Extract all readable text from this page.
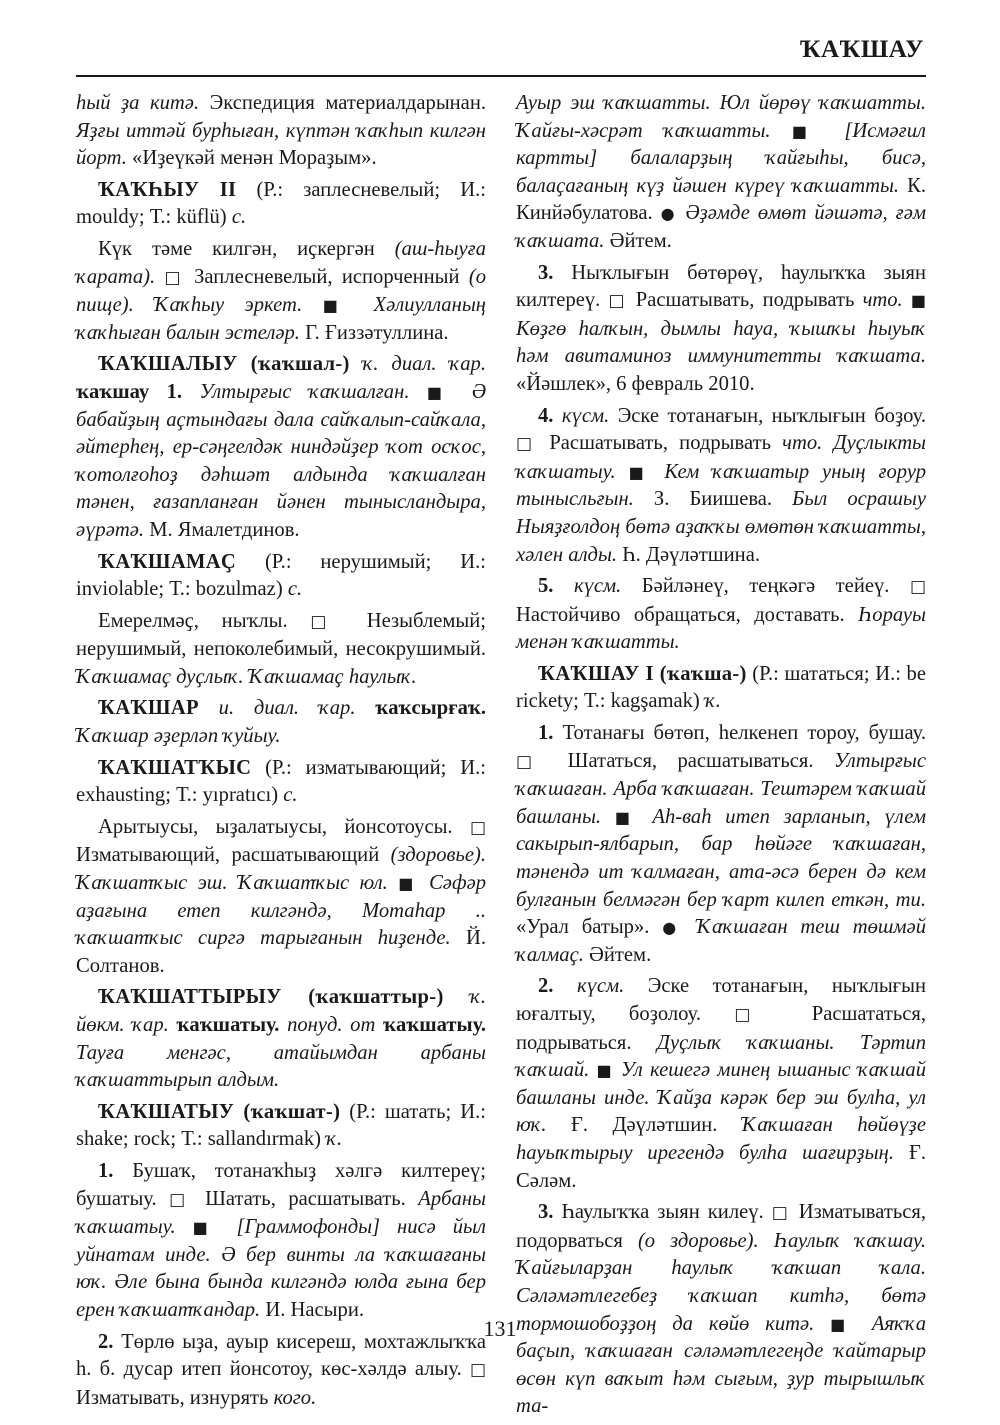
ҠАҠШАУ

һый ҙа китә. Экспедиция материалдарынан. Яҙғы иттәй бурһыған, күптән ҡаҡһып килгән йорт. «Иҙеүкәй менән Мораҙым».

ҠАҠҺЫУ II (Р.: заплесневелый; И.: mouldy; Т.: küflü) с.

Күк тәме килгән, иҫкергән (аш-һыуға ҡарата). □ Заплесневелый, испорченный (о пище). Ҡаҡһыу эркет. ■ Хәлиулланың ҡаҡһыған балын эстеләр. Г. Ғиззәтуллина.

ҠАҠШАЛЫУ (ҡаҡшал-) ҡ. диал. ҡар. ҡаҡшау 1. Ултырғыс ҡаҡшалған. ■ Ә бабайҙың аҫтындағы дала сайҡалып-сайҡала, әйтерһең, ер-сәңгелдәк ниндәйҙер ҡот осҡос, ҡотолғоһоҙ дәһшәт алдында ҡаҡшалған тәнен, ғазапланған йәнен тынысландыра, әүрәтә. М. Ямалетдинов.

ҠАҠШАМАҪ (Р.: нерушимый; И.: inviolable; Т.: bozulmaz) с.

Емерелмәҫ, ныҡлы. □ Незыблемый; нерушимый, непоколебимый, несокрушимый. Ҡаҡшамаҫ дуҫлыҡ. Ҡаҡшамаҫ һаулыҡ.

ҠАҠШАР и. диал. ҡар. ҡаҡсырғаҡ. Ҡаҡшар әҙерләп ҡуйыу.

ҠАҠШАТҠЫС (Р.: изматывающий; И.: exhausting; Т.: yıpratıcı) с.

Арытыусы, ыҙалатыусы, йонсотоусы. □ Изматывающий, расшатывающий (здоровье). Ҡаҡшатҡыс эш. Ҡаҡшатҡыс юл. ■ Сәфәр аҙағына етеп килгәндә, Мотаһар .. ҡаҡшатҡыс сиргә тарығанын һиҙенде. Й. Солтанов.

ҠАҠШАТТЫРЫУ (ҡаҡшаттыр-) ҡ. йөкм. ҡар. ҡаҡшатыу. понуд. от ҡаҡшатыу. Тауға менгәс, атайымдан арбаны ҡаҡшаттырып алдым.

ҠАҠШАТЫУ (ҡаҡшат-) (Р.: шатать; И.: shake; rock; Т.: sallandırmak) ҡ.

1. Бушаҡ, тотанаҡһыҙ хәлгә килтереү; бушатыу. □ Шатать, расшатывать. Арбаны ҡаҡшатыу. ■ [Граммофонды] нисә йыл уйнатам инде. Ә бер винты ла ҡаҡшағаны юҡ. Әле бына бында килгәндә юлда ғына бер ерен ҡаҡшатҡандар. И. Насыри.

2. Төрлө ыҙа, ауыр кисереш, мохтажлыҡҡа һ. б. дусар итеп йонсотоу, көс-хәлдә алыу. □ Изматывать, изнурять кого.

Ауыр эш ҡаҡшатты. Юл йөрөү ҡаҡшатты. Ҡайғы-хәсрәт ҡаҡшатты. ■ [Исмәғил картты] балаларҙың ҡайғыһы, бисә, балаҫағаның күҙ йәшен күреү ҡаҡшатты. К. Кинйәбулатова. ● Әҙәмде өмөт йәшәтә, ғәм ҡаҡшата. Әйтем.

3. Ныҡлығын бөтөрөү, һаулыҡҡа зыян килтереү. □ Расшатывать, подрывать что. ■ Көҙгө һалҡын, дымлы һауа, ҡышҡы һыуыҡ һәм авитаминоз иммунитетты ҡаҡшата. «Йәшлек», 6 февраль 2010.

4. күсм. Эске тотанағын, ныҡлығын боҙоу. □ Расшатывать, подрывать что. Дуҫлыкты ҡаҡшатыу. ■ Кем ҡаҡшатыр уның ғорур тынысльғын. З. Биишева. Был осрашыу Ныяҙғолдоң бөтә аҙаҡҡы өмөтөн ҡаҡшатты, хәлен алды. Һ. Дәүләтшина.

5. күсм. Бәйләнеү, теңкәгә тейеү. □ Настойчиво обращаться, доставать. Һорауы менән ҡаҡшатты.

ҠАҠШАУ I (ҡаҡша-) (Р.: шататься; И.: be rickety; Т.: kagşamak) ҡ.

1. Тотанағы бөтөп, һелкенеп тороу, бушау. □ Шататься, расшатываться. Ултырғыс ҡаҡшаған. Арба ҡаҡшаған. Тештәрем ҡаҡшай башланы. ■ Аһ-ваһ итеп зарланып, үлем сакырып-ялбарып, бар һөйәге ҡаҡшаған, тәнендә ит ҡалмаған, ата-әсә берен дә кем булғанын белмәгән бер ҡарт килеп еткән, ти. «Урал батыр». ● Ҡаҡшаған теш төшмәй ҡалмаҫ. Әйтем.

2. күсм. Эске тотанағын, ныҡлығын юғалтыу, боҙолоу. □ Расшататься, подрываться. Дуҫлыҡ ҡаҡшаны. Тәртип ҡаҡшай. ■ Ул кешегә минең ышаныс ҡаҡшай башланы инде. Ҡайҙа кәрәк бер эш булһа, ул юҡ. Ғ. Дәүләтшин. Ҡаҡшаған һөйөүҙе һауыҡтырыу ирегендә булһа шағирҙың. Ғ. Сәләм.

3. Һаулыҡҡа зыян килеү. □ Изматываться, подорваться (о здоровье). Һаулыҡ ҡаҡшау. Ҡайғыларҙан һаулыҡ ҡаҡшап ҡала. Сәләмәтлегебеҙ ҡаҡшап китһә, бөтә тормошобоҙҙоң да көйө китә. ■ Аяҡҡа баҫып, ҡаҡшаған сәләмәтлегеңде ҡайтарыр өсөн күп ваҡыт һәм сығым, ҙур тырышлыҡ та-

131
